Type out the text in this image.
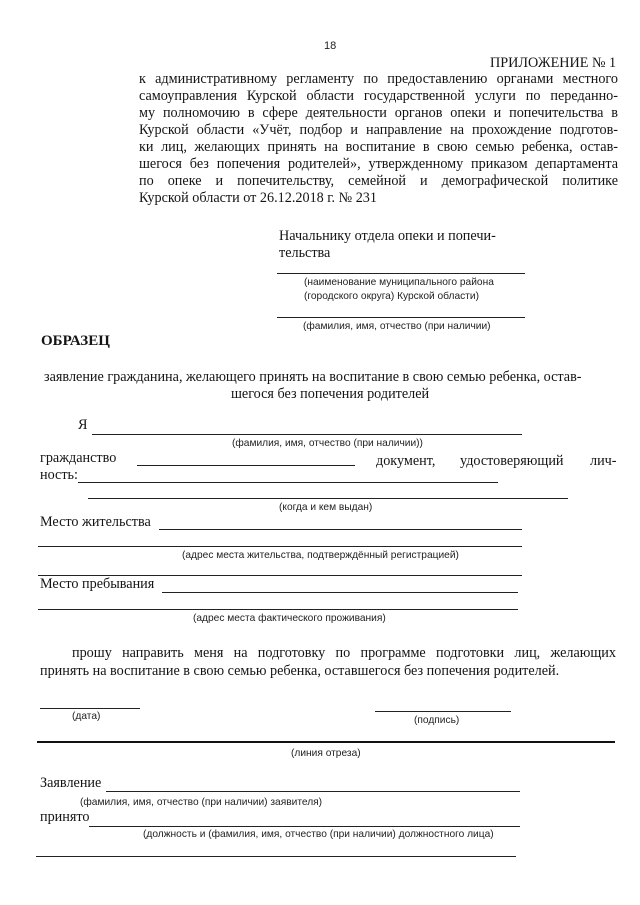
18
ПРИЛОЖЕНИЕ № 1
к административному регламенту по предоставлению органами местного
самоуправления Курской области государственной услуги по переданно-
му полномочию в сфере деятельности органов опеки и попечительства в
Курской области «Учёт, подбор и направление на прохождение подготов-
ки лиц, желающих принять на воспитание в свою семью ребенка, остав-
шегося без попечения родителей», утвержденному приказом департамента
по опеке и попечительству, семейной и демографической политике
Курской области от 26.12.2018 г. № 231
Начальнику отдела опеки и попечи-
тельства
(наименование муниципального района
(городского округа) Курской области)
(фамилия, имя, отчество (при наличии)
ОБРАЗЕЦ
заявление гражданина, желающего принять на воспитание в свою семью ребенка, остав-
шегося без попечения родителей
Я
(фамилия, имя, отчество (при наличии))
гражданство	документ, удостоверяющий лич-
ность:
(когда и кем выдан)
Место жительства
(адрес места жительства, подтверждённый регистрацией)
Место пребывания
(адрес места фактического проживания)
прошу направить меня на подготовку по программе подготовки лиц, желающих
принять на воспитание в свою семью ребенка, оставшегося без попечения родителей.
(дата)	(подпись)
(линия отреза)
Заявление
(фамилия, имя, отчество (при наличии) заявителя)
принято
(должность и (фамилия, имя, отчество (при наличии) должностного лица)
